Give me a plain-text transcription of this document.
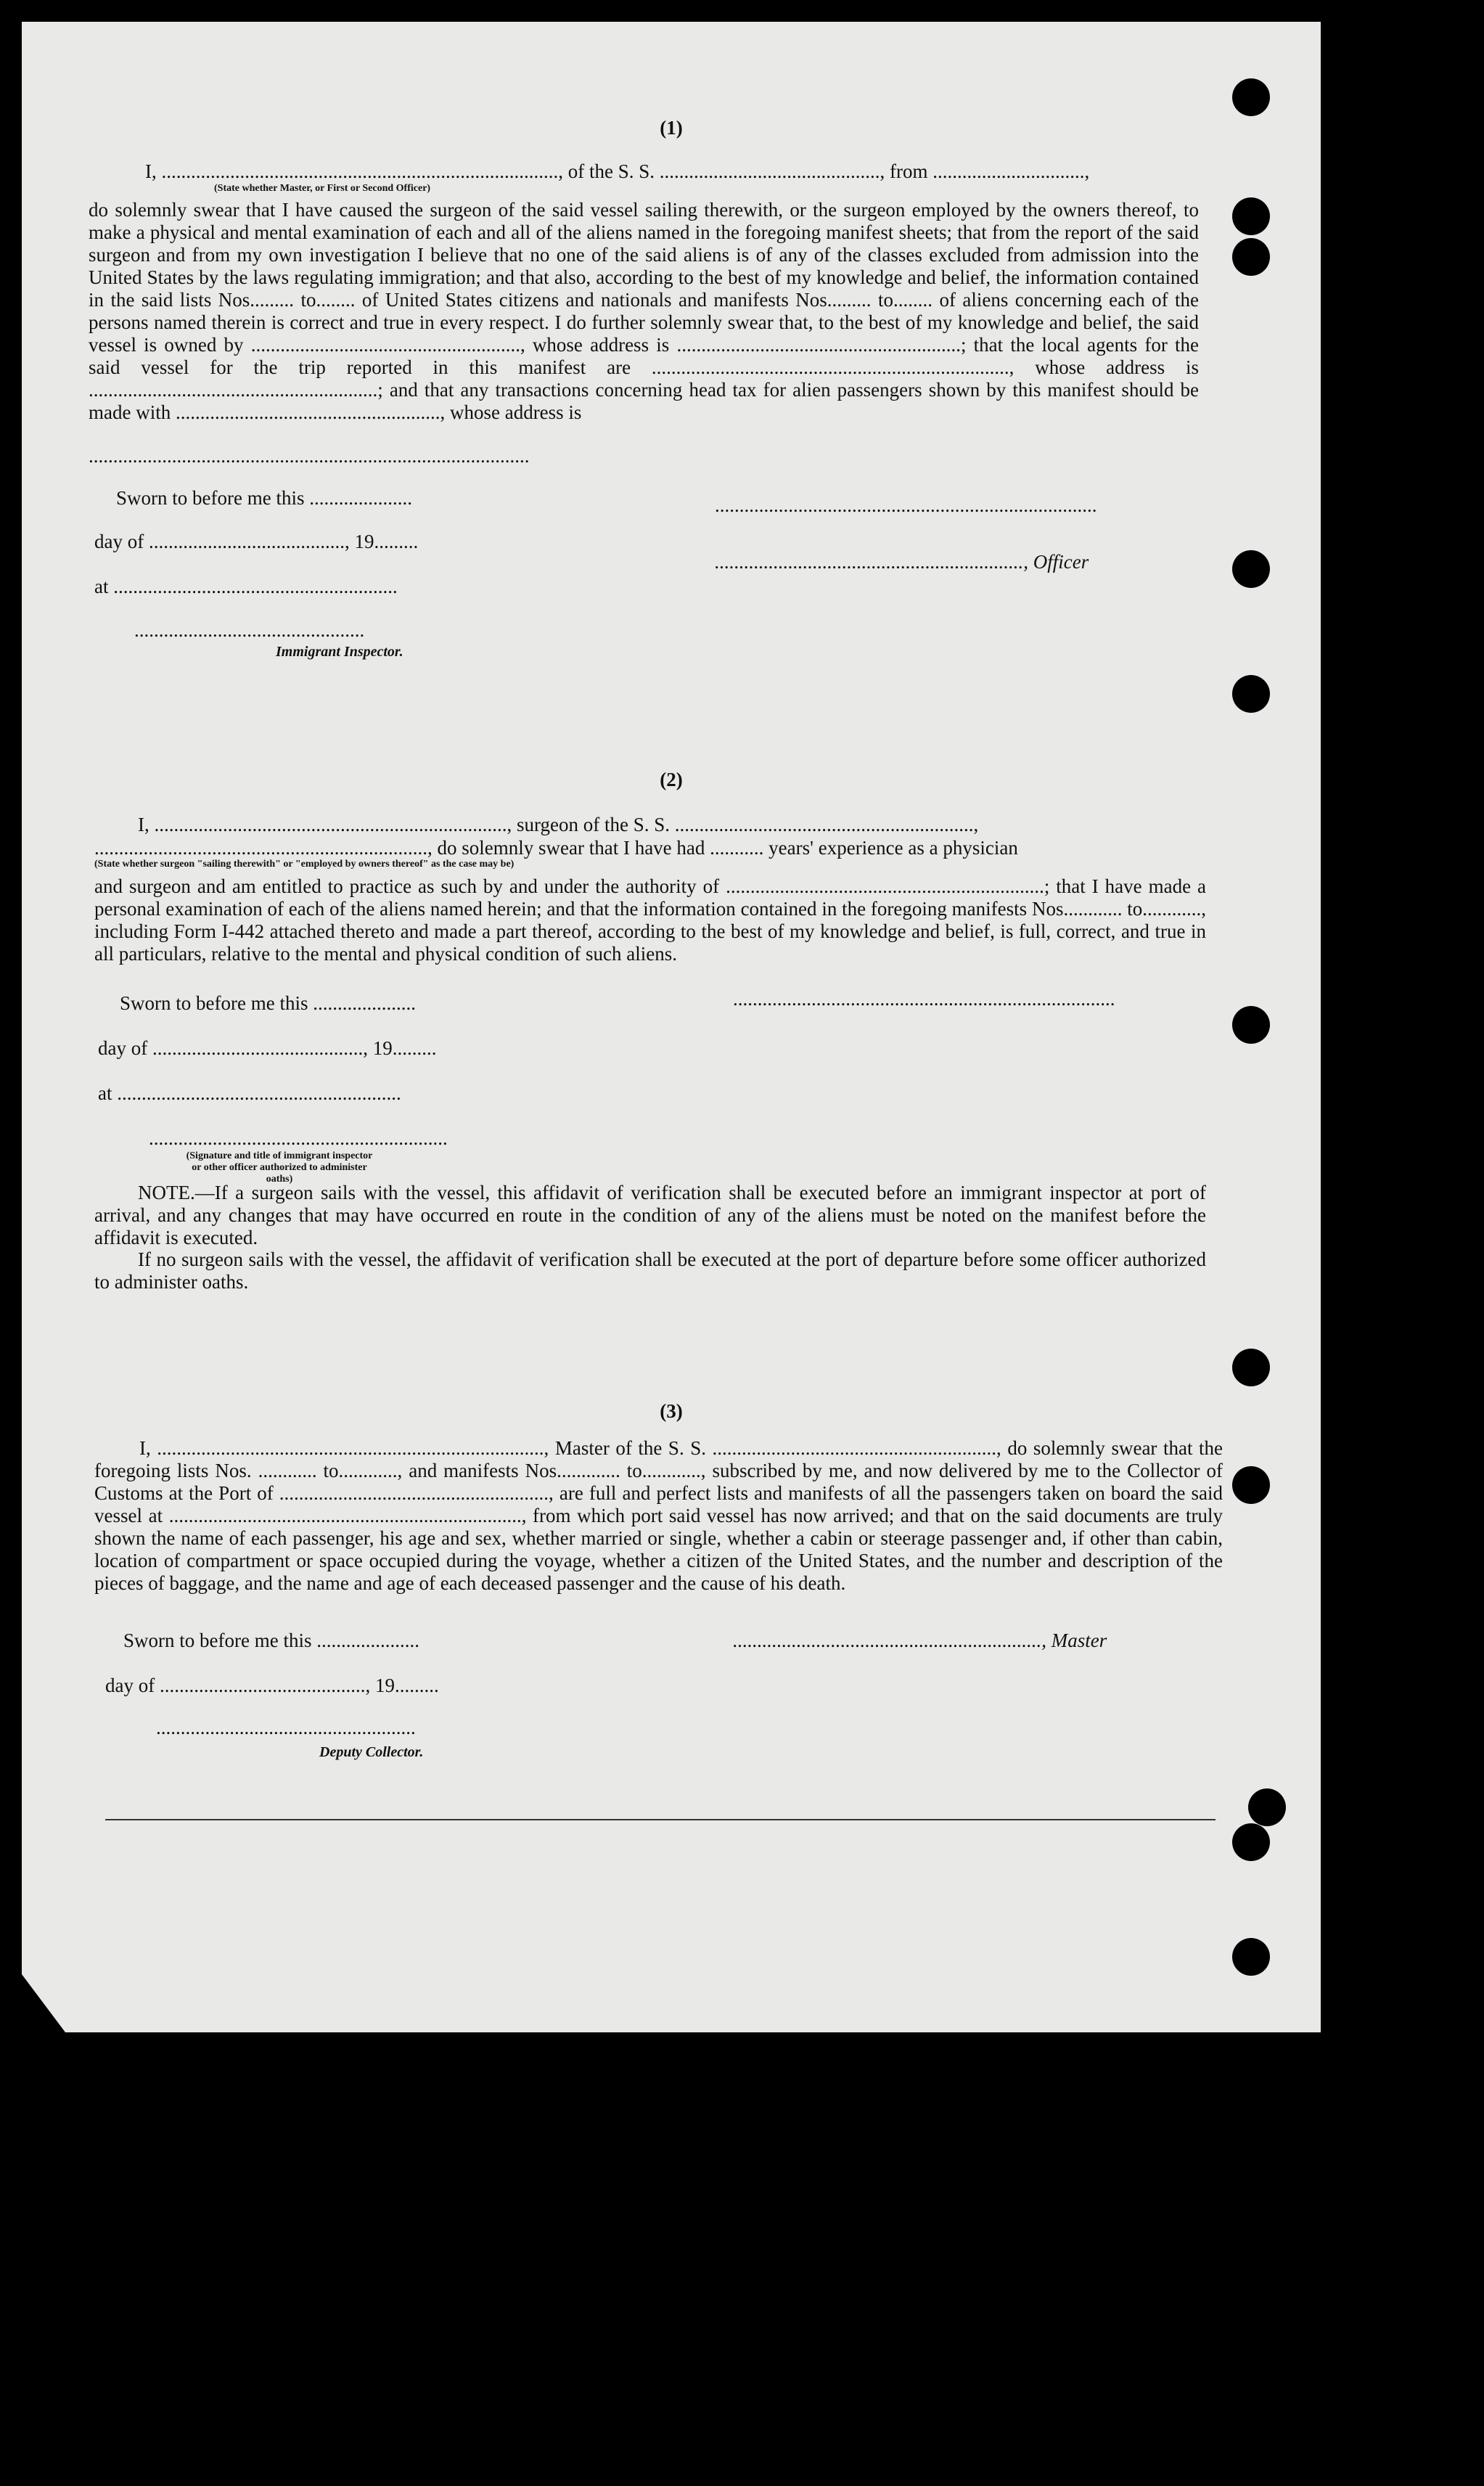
(1)
I, ................................................................................., of the S. S. ............................................., from ...............................,
(State whether Master, or First or Second Officer)
do solemnly swear that I have caused the surgeon of the said vessel sailing therewith, or the surgeon employed by the owners thereof, to make a physical and mental examination of each and all of the aliens named in the foregoing manifest sheets; that from the report of the said surgeon and from my own investigation I believe that no one of the said aliens is of any of the classes excluded from admission into the United States by the laws regulating immigration; and that also, according to the best of my knowledge and belief, the information contained in the said lists Nos......... to........ of United States citizens and nationals and manifests Nos......... to........ of aliens concerning each of the persons named therein is correct and true in every respect. I do further solemnly swear that, to the best of my knowledge and belief, the said vessel is owned by ......................................................., whose address is ..........................................................; that the local agents for the said vessel for the trip reported in this manifest are ........................................................................., whose address is ...........................................................; and that any transactions concerning head tax for alien passengers shown by this manifest should be made with ......................................................, whose address is
..........................................................................................
Sworn to before me this .....................	..............................................................................
day of ........................................, 19.........
..............................................................., Officer
at ..........................................................
...............................................
Immigrant Inspector.
(2)
I, ........................................................................, surgeon of the S. S. .............................................................,
...................................................................., do solemnly swear that I have had ........... years' experience as a physician
(State whether surgeon "sailing therewith" or "employed by owners thereof" as the case may be)
and surgeon and am entitled to practice as such by and under the authority of .................................................................; that I have made a personal examination of each of the aliens named herein; and that the information contained in the foregoing manifests Nos............ to............, including Form I-442 attached thereto and made a part thereof, according to the best of my knowledge and belief, is full, correct, and true in all particulars, relative to the mental and physical condition of such aliens.
Sworn to before me this .....................	..............................................................................
day of ..........................................., 19.........
at ..........................................................
.............................................................
(Signature and title of immigrant inspector or other officer authorized to administer oaths)
NOTE.—If a surgeon sails with the vessel, this affidavit of verification shall be executed before an immigrant inspector at port of arrival, and any changes that may have occurred en route in the condition of any of the aliens must be noted on the manifest before the affidavit is executed.
If no surgeon sails with the vessel, the affidavit of verification shall be executed at the port of departure before some officer authorized to administer oaths.
(3)
I, ..............................................................................., Master of the S. S. .........................................................., do solemnly swear that the foregoing lists Nos. ............ to............, and manifests Nos............. to............, subscribed by me, and now delivered by me to the Collector of Customs at the Port of ......................................................., are full and perfect lists and manifests of all the passengers taken on board the said vessel at ........................................................................, from which port said vessel has now arrived; and that on the said documents are truly shown the name of each passenger, his age and sex, whether married or single, whether a cabin or steerage passenger and, if other than cabin, location of compartment or space occupied during the voyage, whether a citizen of the United States, and the number and description of the pieces of baggage, and the name and age of each deceased passenger and the cause of his death.
Sworn to before me this .....................	..............................................................., Master
day of .........................................., 19.........
.....................................................
Deputy Collector.
